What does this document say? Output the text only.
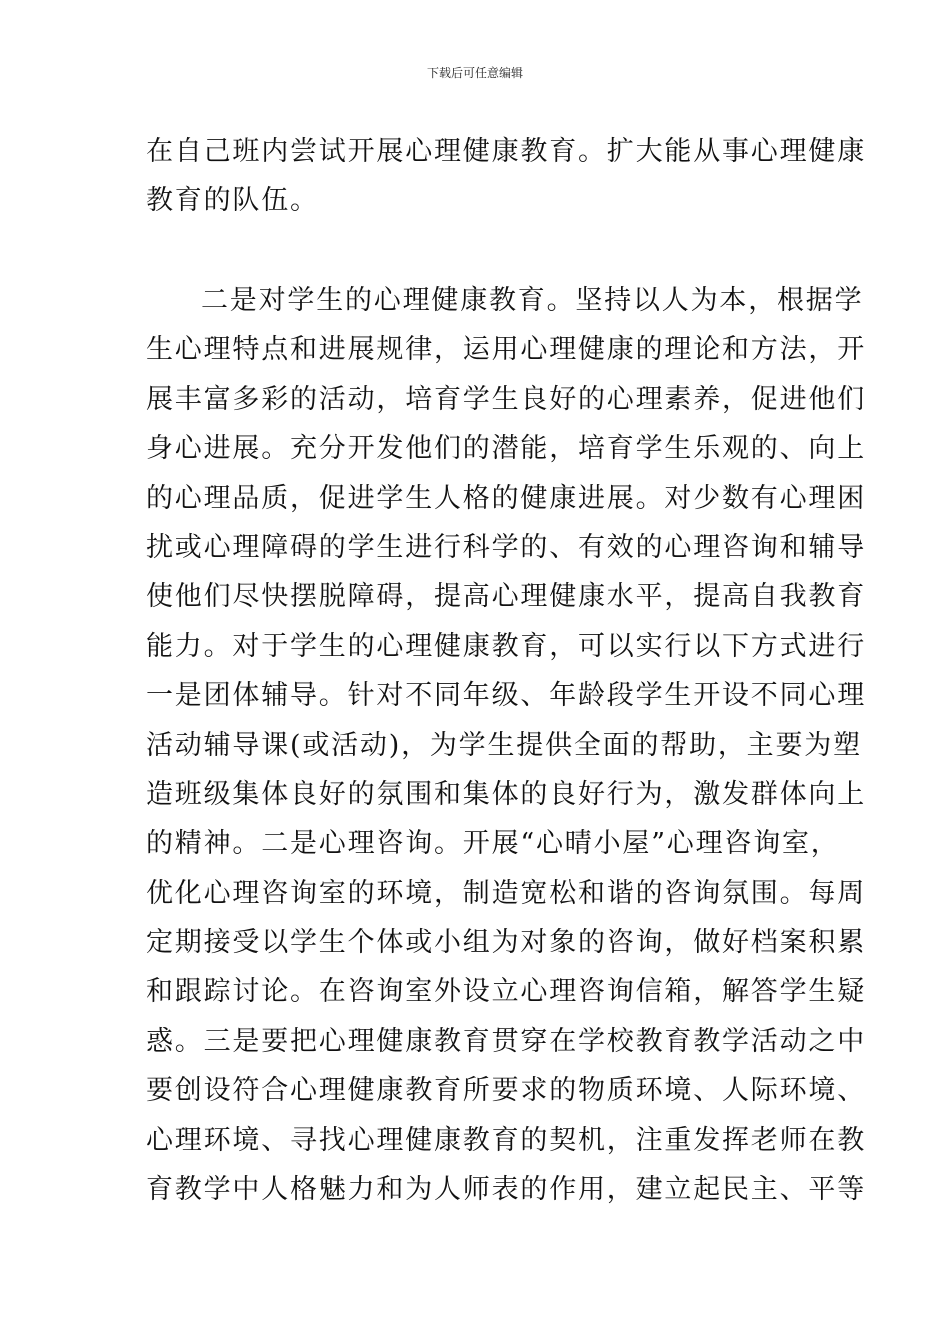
下载后可任意编辑

在自己班内尝试开展心理健康教育。扩大能从事心理健康
教育的队伍。

二是对学生的心理健康教育。坚持以人为本，根据学
生心理特点和进展规律，运用心理健康的理论和方法，开
展丰富多彩的活动，培育学生良好的心理素养，促进他们
身心进展。充分开发他们的潜能，培育学生乐观的、向上
的心理品质，促进学生人格的健康进展。对少数有心理困
扰或心理障碍的学生进行科学的、有效的心理咨询和辅导
使他们尽快摆脱障碍，提高心理健康水平，提高自我教育
能力。对于学生的心理健康教育，可以实行以下方式进行
一是团体辅导。针对不同年级、年龄段学生开设不同心理
活动辅导课(或活动)，为学生提供全面的帮助，主要为塑
造班级集体良好的氛围和集体的良好行为，激发群体向上
的精神。二是心理咨询。开展“心晴小屋”心理咨询室，
优化心理咨询室的环境，制造宽松和谐的咨询氛围。每周
定期接受以学生个体或小组为对象的咨询，做好档案积累
和跟踪讨论。在咨询室外设立心理咨询信箱，解答学生疑
惑。三是要把心理健康教育贯穿在学校教育教学活动之中
要创设符合心理健康教育所要求的物质环境、人际环境、
心理环境、寻找心理健康教育的契机，注重发挥老师在教
育教学中人格魅力和为人师表的作用，建立起民主、平等
